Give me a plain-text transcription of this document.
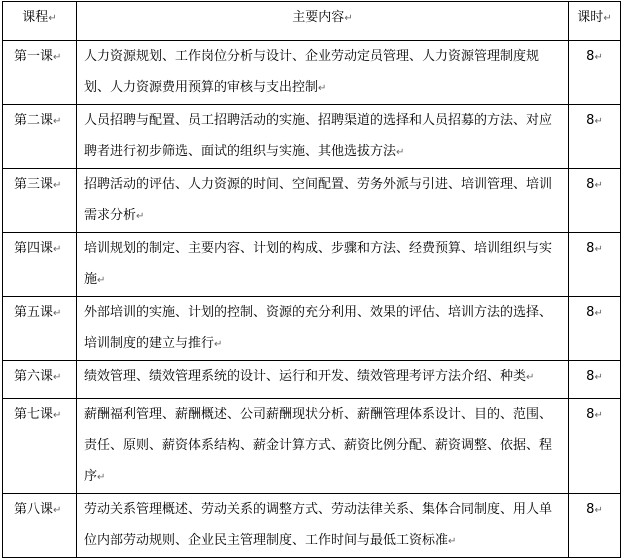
课程↵	主要内容↵	课时↵
第一课↵	人力资源规划、工作岗位分析与设计、企业劳动定员管理、人力资源管理制度规划、人力资源费用预算的审核与支出控制↵	8↵
第二课↵	人员招聘与配置、员工招聘活动的实施、招聘渠道的选择和人员招募的方法、对应聘者进行初步筛选、面试的组织与实施、其他选拔方法↵	8↵
第三课↵	招聘活动的评估、人力资源的时间、空间配置、劳务外派与引进、培训管理、培训需求分析↵	8↵
第四课↵	培训规划的制定、主要内容、计划的构成、步骤和方法、经费预算、培训组织与实施↵	8↵
第五课↵	外部培训的实施、计划的控制、资源的充分利用、效果的评估、培训方法的选择、培训制度的建立与推行↵	8↵
第六课↵	绩效管理、绩效管理系统的设计、运行和开发、绩效管理考评方法介绍、种类↵	8↵
第七课↵	薪酬福利管理、薪酬概述、公司薪酬现状分析、薪酬管理体系设计、目的、范围、责任、原则、薪资体系结构、薪金计算方式、薪资比例分配、薪资调整、依据、程序↵	8↵
第八课↵	劳动关系管理概述、劳动关系的调整方式、劳动法律关系、集体合同制度、用人单位内部劳动规则、企业民主管理制度、工作时间与最低工资标准↵	8↵
